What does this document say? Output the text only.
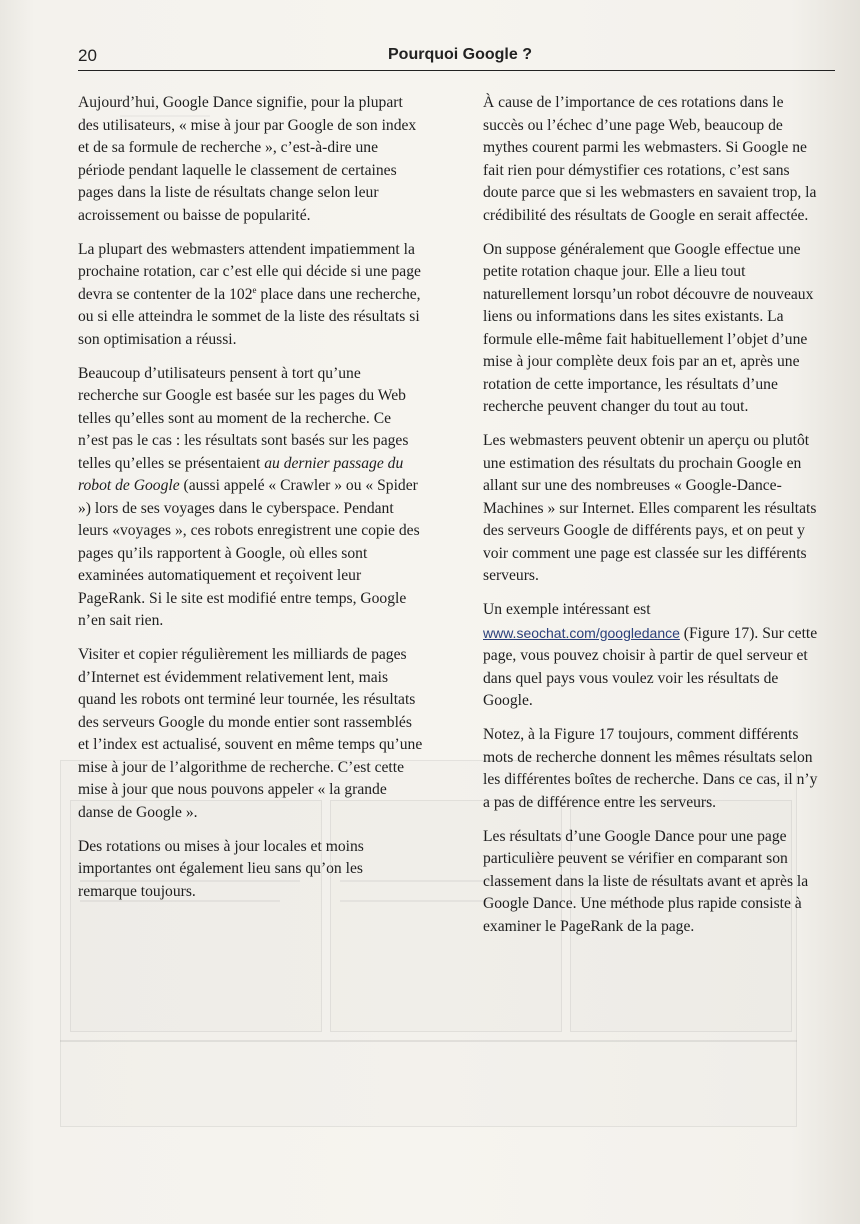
20	Pourquoi Google ?

Aujourd’hui, Google Dance signifie, pour la plupart des utilisateurs, « mise à jour par Google de son index et de sa formule de recherche », c’est-à-dire une période pendant laquelle le classement de certaines pages dans la liste de résultats change selon leur acroissement ou baisse de popularité.

La plupart des webmasters attendent impatiemment la prochaine rotation, car c’est elle qui décide si une page devra se contenter de la 102e place dans une recherche, ou si elle atteindra le sommet de la liste des résultats si son optimisation a réussi.

Beaucoup d’utilisateurs pensent à tort qu’une recherche sur Google est basée sur les pages du Web telles qu’elles sont au moment de la recherche. Ce n’est pas le cas : les résultats sont basés sur les pages telles qu’elles se présentaient au dernier passage du robot de Google (aussi appelé « Crawler » ou « Spider ») lors de ses voyages dans le cyberspace. Pendant leurs «voyages », ces robots enregistrent une copie des pages qu’ils rapportent à Google, où elles sont examinées automatiquement et reçoivent leur PageRank. Si le site est modifié entre temps, Google n’en sait rien.

Visiter et copier régulièrement les milliards de pages d’Internet est évidemment relativement lent, mais quand les robots ont terminé leur tournée, les résultats des serveurs Google du monde entier sont rassemblés et l’index est actualisé, souvent en même temps qu’une mise à jour de l’algorithme de recherche. C’est cette mise à jour que nous pouvons appeler « la grande danse de Google ».

Des rotations ou mises à jour locales et moins importantes ont également lieu sans qu’on les remarque toujours.

À cause de l’importance de ces rotations dans le succès ou l’échec d’une page Web, beaucoup de mythes courent parmi les webmasters. Si Google ne fait rien pour démystifier ces rotations, c’est sans doute parce que si les webmasters en savaient trop, la crédibilité des résultats de Google en serait affectée.

On suppose généralement que Google effectue une petite rotation chaque jour. Elle a lieu tout naturellement lorsqu’un robot découvre de nouveaux liens ou informations dans les sites existants. La formule elle-même fait habituellement l’objet d’une mise à jour complète deux fois par an et, après une rotation de cette importance, les résultats d’une recherche peuvent changer du tout au tout.

Les webmasters peuvent obtenir un aperçu ou plutôt une estimation des résultats du prochain Google en allant sur une des nombreuses « Google-Dance-Machines » sur Internet. Elles comparent les résultats des serveurs Google de différents pays, et on peut y voir comment une page est classée sur les différents serveurs.

Un exemple intéressant est www.seochat.com/googledance (Figure 17). Sur cette page, vous pouvez choisir à partir de quel serveur et dans quel pays vous voulez voir les résultats de Google.

Notez, à la Figure 17 toujours, comment différents mots de recherche donnent les mêmes résultats selon les différentes boîtes de recherche. Dans ce cas, il n’y a pas de différence entre les serveurs.

Les résultats d’une Google Dance pour une page particulière peuvent se vérifier en comparant son classement dans la liste de résultats avant et après la Google Dance. Une méthode plus rapide consiste à examiner le PageRank de la page.
